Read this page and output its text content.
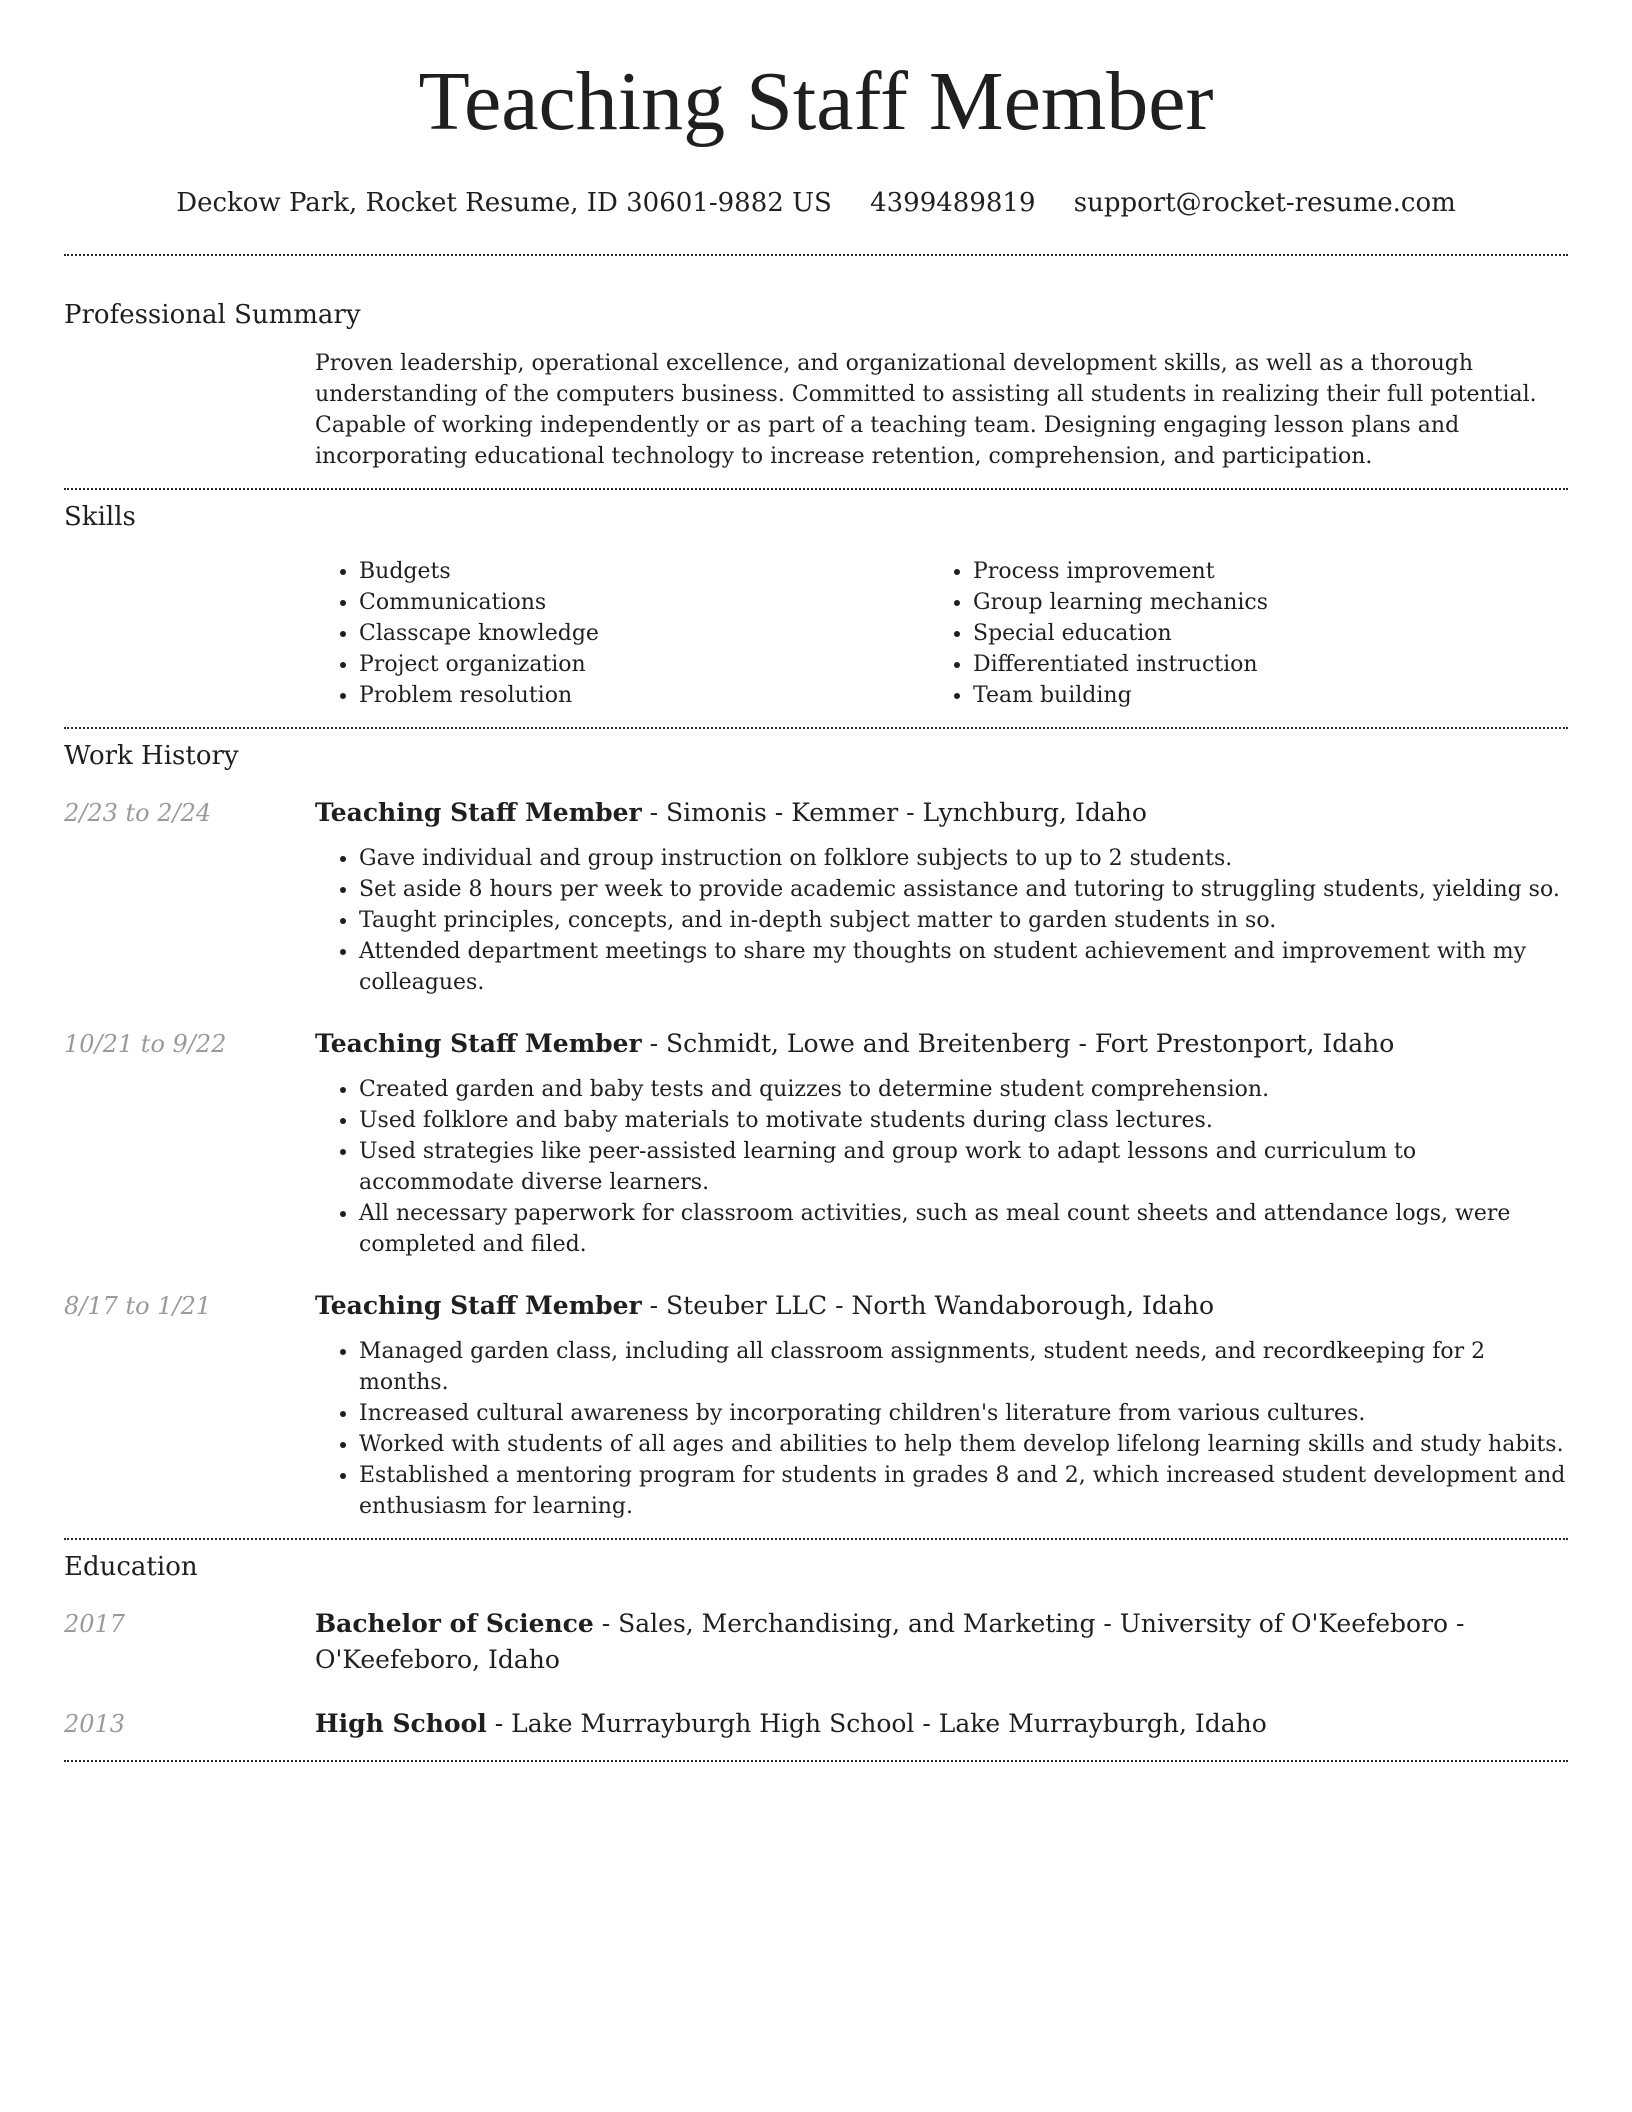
Teaching Staff Member
Deckow Park, Rocket Resume, ID 30601-9882 US 4399489819 support@rocket-resume.com
Professional Summary

Proven leadership, operational excellence, and organizational development skills, as well as a thorough understanding of the computers business. Committed to assisting all students in realizing their full potential. Capable of working independently or as part of a teaching team. Designing engaging lesson plans and incorporating educational technology to increase retention, comprehension, and participation.

Skills
• Budgets
• Communications
• Classcape knowledge
• Project organization
• Problem resolution
• Process improvement
• Group learning mechanics
• Special education
• Differentiated instruction
• Team building
Work History
2/23 to 2/24	Teaching Staff Member - Simonis - Kemmer - Lynchburg, Idaho

• Gave individual and group instruction on folklore subjects to up to 2 students.
• Set aside 8 hours per week to provide academic assistance and tutoring to struggling students, yielding so.
• Taught principles, concepts, and in-depth subject matter to garden students in so.
• Attended department meetings to share my thoughts on student achievement and improvement with my colleagues.
10/21 to 9/22	Teaching Staff Member - Schmidt, Lowe and Breitenberg - Fort Prestonport, Idaho

• Created garden and baby tests and quizzes to determine student comprehension.
• Used folklore and baby materials to motivate students during class lectures.
• Used strategies like peer-assisted learning and group work to adapt lessons and curriculum to accommodate diverse learners.
• All necessary paperwork for classroom activities, such as meal count sheets and attendance logs, were completed and filed.
8/17 to 1/21	Teaching Staff Member - Steuber LLC - North Wandaborough, Idaho

• Managed garden class, including all classroom assignments, student needs, and recordkeeping for 2 months.
• Increased cultural awareness by incorporating children's literature from various cultures.
• Worked with students of all ages and abilities to help them develop lifelong learning skills and study habits.
• Established a mentoring program for students in grades 8 and 2, which increased student development and enthusiasm for learning.
Education
2017	Bachelor of Science - Sales, Merchandising, and Marketing - University of O'Keefeboro - O'Keefeboro, Idaho

2013	High School - Lake Murrayburgh High School - Lake Murrayburgh, Idaho
